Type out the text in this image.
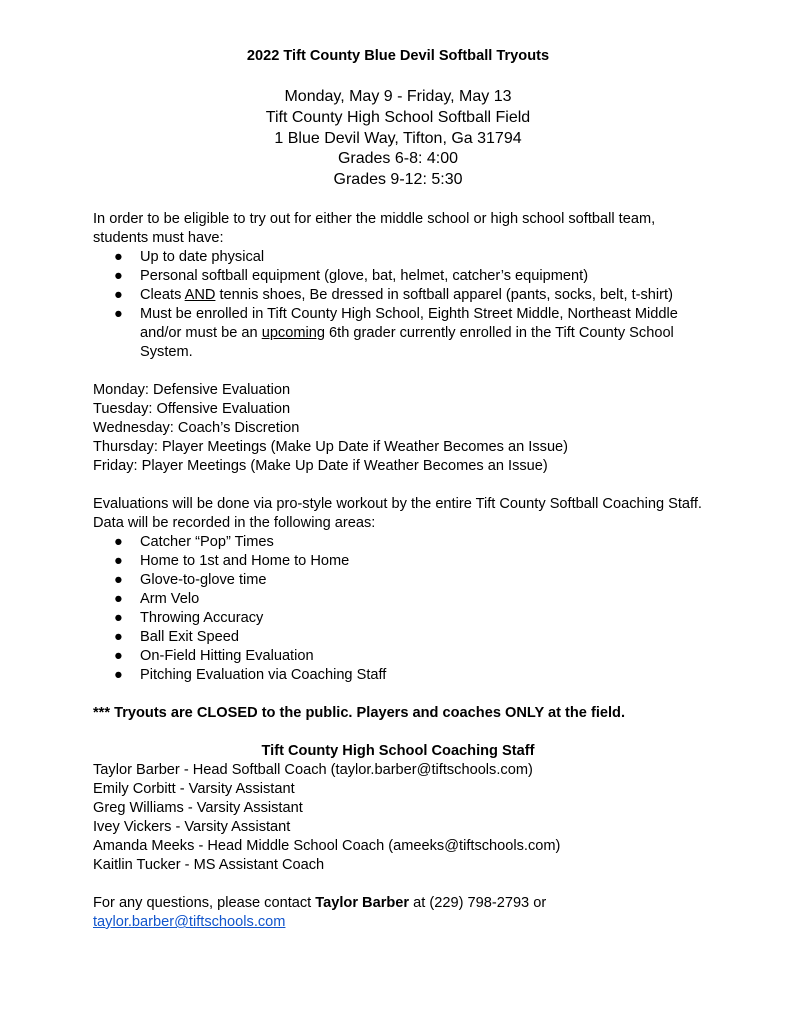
2022 Tift County Blue Devil Softball Tryouts

Monday, May 9 - Friday, May 13
Tift County High School Softball Field
1 Blue Devil Way, Tifton, Ga 31794
Grades 6-8: 4:00
Grades 9-12: 5:30

In order to be eligible to try out for either the middle school or high school softball team, students must have:

● Up to date physical
● Personal softball equipment (glove, bat, helmet, catcher’s equipment)
● Cleats AND tennis shoes, Be dressed in softball apparel (pants, socks, belt, t-shirt)
● Must be enrolled in Tift County High School, Eighth Street Middle, Northeast Middle and/or must be an upcoming 6th grader currently enrolled in the Tift County School System.

Monday: Defensive Evaluation

Tuesday: Offensive Evaluation

Wednesday: Coach’s Discretion

Thursday: Player Meetings (Make Up Date if Weather Becomes an Issue)

Friday: Player Meetings (Make Up Date if Weather Becomes an Issue)

Evaluations will be done via pro-style workout by the entire Tift County Softball Coaching Staff. Data will be recorded in the following areas:

● Catcher “Pop” Times
● Home to 1st and Home to Home
● Glove-to-glove time
● Arm Velo
● Throwing Accuracy
● Ball Exit Speed
● On-Field Hitting Evaluation
● Pitching Evaluation via Coaching Staff

*** Tryouts are CLOSED to the public. Players and coaches ONLY at the field.

Tift County High School Coaching Staff

Taylor Barber - Head Softball Coach (taylor.barber@tiftschools.com)

Emily Corbitt - Varsity Assistant

Greg Williams - Varsity Assistant

Ivey Vickers - Varsity Assistant

Amanda Meeks - Head Middle School Coach (ameeks@tiftschools.com)

Kaitlin Tucker - MS Assistant Coach

For any questions, please contact Taylor Barber at (229) 798-2793 or
taylor.barber@tiftschools.com
